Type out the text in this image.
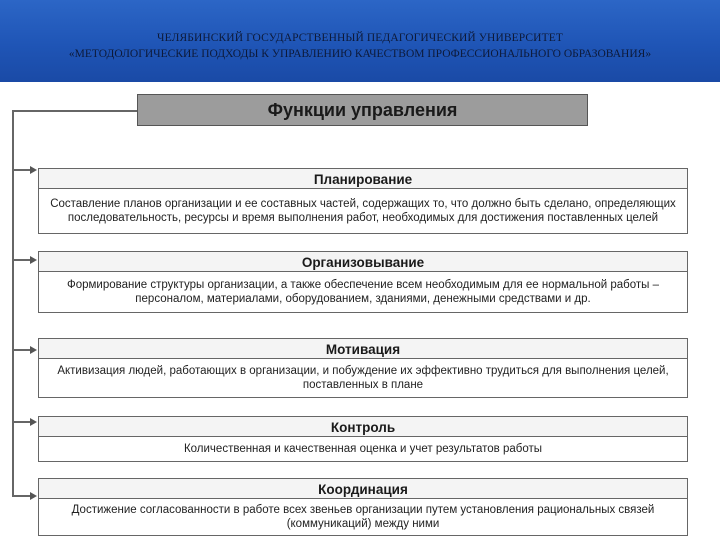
ЧЕЛЯБИНСКИЙ ГОСУДАРСТВЕННЫЙ ПЕДАГОГИЧЕСКИЙ УНИВЕРСИТЕТ
«МЕТОДОЛОГИЧЕСКИЕ ПОДХОДЫ К УПРАВЛЕНИЮ КАЧЕСТВОМ ПРОФЕССИОНАЛЬНОГО ОБРАЗОВАНИЯ»
Функции управления
Планирование
Составление планов организации и ее составных частей, содержащих то, что должно быть сделано, определяющих последовательность, ресурсы и время выполнения работ, необходимых для достижения поставленных целей
Организовывание
Формирование структуры организации, а также обеспечение всем необходимым для ее нормальной работы – персоналом, материалами, оборудованием, зданиями, денежными средствами и др.
Мотивация
Активизация людей, работающих в организации, и побуждение их эффективно трудиться для выполнения целей, поставленных в плане
Контроль
Количественная и качественная оценка и учет результатов работы
Координация
Достижение согласованности в работе всех звеньев организации путем установления рациональных связей (коммуникаций) между ними
